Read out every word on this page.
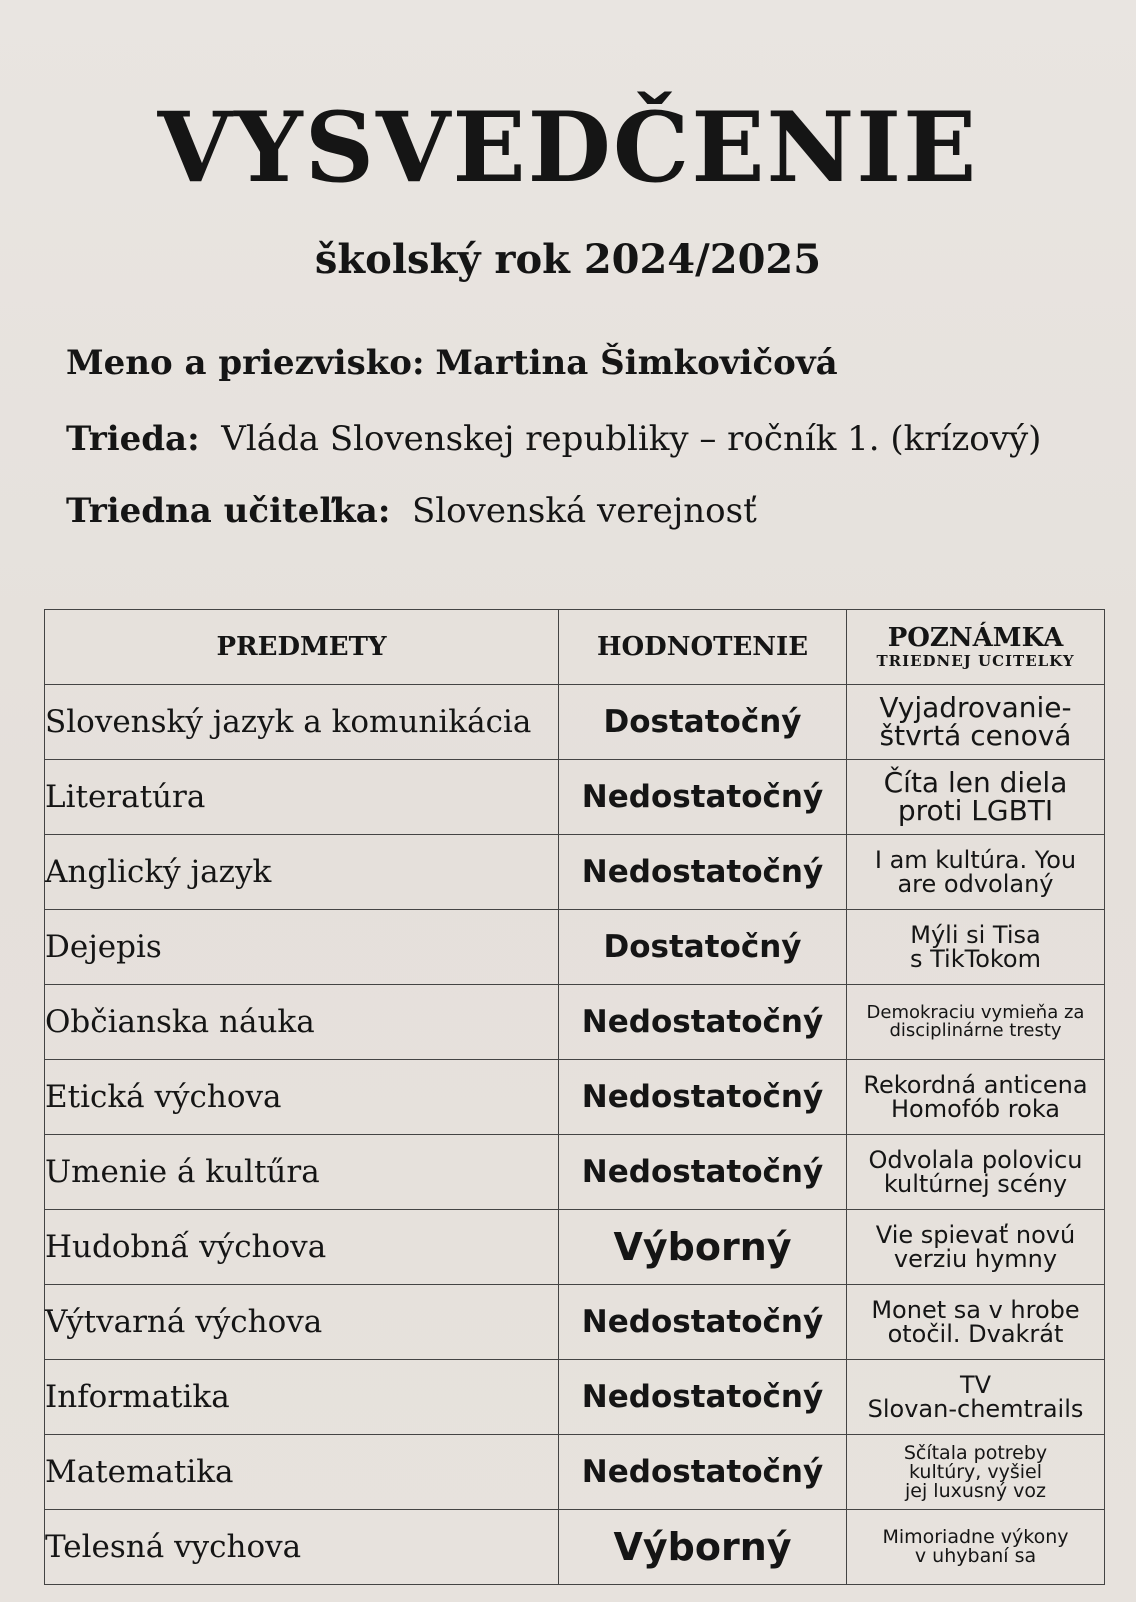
VYSVEDČENIE
školský rok 2024/2025
Meno a priezvisko: Martina Šimkovičová
Trieda: Vláda Slovenskej republiky – ročník 1. (krízový)
Triedna učiteľka: Slovenská verejnosť
PREDMETY	HODNOTENIE	POZNÁMKA
TRIEDNEJ UCITELKY

Slovenský jazyk a komunikácia	Dostatočný	Vyjadrovanie-
štvrtá cenová

Literatúra	Nedostatočný	Číta len diela
proti LGBTI

Anglický jazyk	Nedostatočný	I am kultúra. You
are odvolaný

Dejepis	Dostatočný	Mýli si Tisa
s TikTokom

Občianska náuka	Nedostatočný	Demokraciu vymieňa za
disciplinárne tresty

Etická výchova	Nedostatočný	Rekordná anticena
Homofób roka

Umenie á kultűra	Nedostatočný	Odvolala polovicu
kultúrnej scény

Hudobnấ výchova	Výborný	Vie spievať novú
verziu hymny

Výtvarná výchova	Nedostatočný	Monet sa v hrobe
otočil. Dvakrát

Informatika	Nedostatočný	TV
Slovan-chemtrails

Matematika	Nedostatočný	Sčítala potreby
kultúry, vyšiel
jej luxusný voz

Telesná vychova	Výborný	Mimoriadne výkony
v uhybaní sa
